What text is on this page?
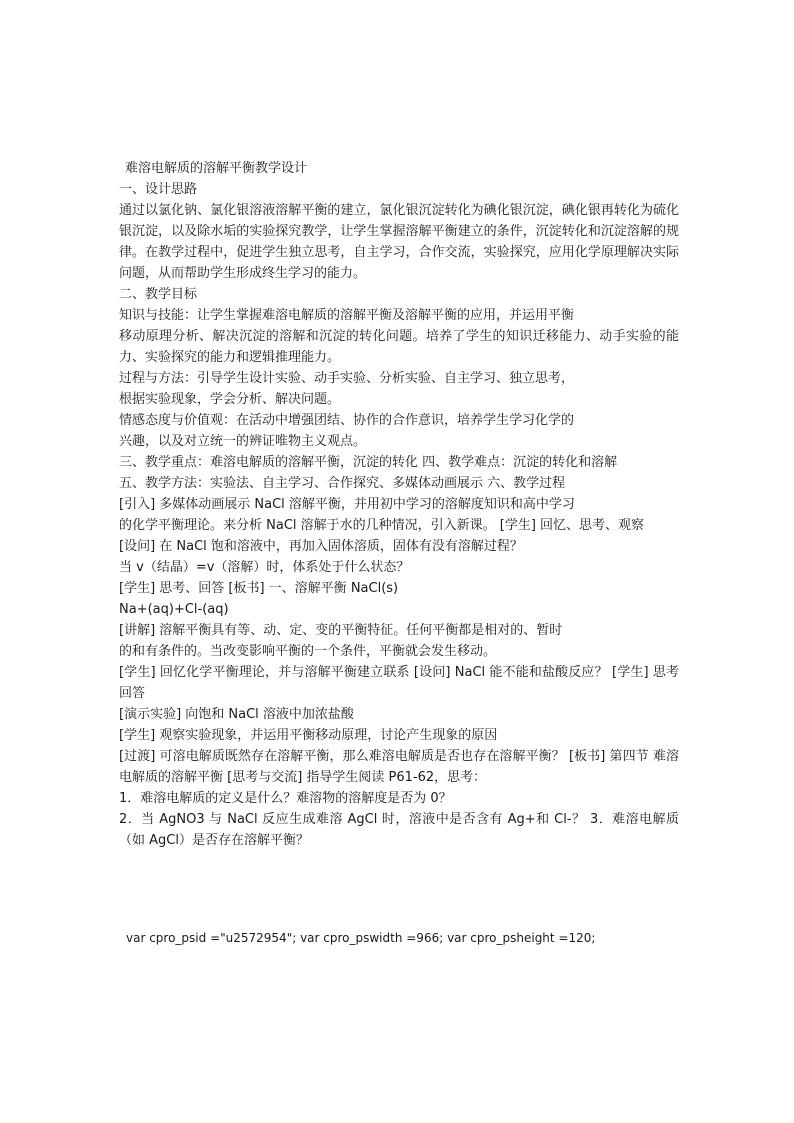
难溶电解质的溶解平衡教学设计
一、设计思路
通过以氯化钠、氯化银溶液溶解平衡的建立，氯化银沉淀转化为碘化银沉淀，碘化银再转化为硫化银沉淀，以及除水垢的实验探究教学，让学生掌握溶解平衡建立的条件，沉淀转化和沉淀溶解的规律。在教学过程中，促进学生独立思考，自主学习，合作交流，实验探究，应用化学原理解决实际问题，从而帮助学生形成终生学习的能力。
二、教学目标
知识与技能：让学生掌握难溶电解质的溶解平衡及溶解平衡的应用，并运用平衡
移动原理分析、解决沉淀的溶解和沉淀的转化问题。培养了学生的知识迁移能力、动手实验的能力、实验探究的能力和逻辑推理能力。
过程与方法：引导学生设计实验、动手实验、分析实验、自主学习、独立思考，
根据实验现象，学会分析、解决问题。
情感态度与价值观：在活动中增强团结、协作的合作意识，培养学生学习化学的
兴趣，以及对立统一的辨证唯物主义观点。
三、教学重点：难溶电解质的溶解平衡，沉淀的转化 四、教学难点：沉淀的转化和溶解
五、教学方法：实验法、自主学习、合作探究、多媒体动画展示 六、教学过程
[引入] 多媒体动画展示 NaCl 溶解平衡，并用初中学习的溶解度知识和高中学习
的化学平衡理论。来分析 NaCl 溶解于水的几种情况，引入新课。 [学生] 回忆、思考、观察
[设问] 在 NaCl 饱和溶液中，再加入固体溶质，固体有没有溶解过程？
当 v（结晶）=v（溶解）时，体系处于什么状态？
[学生] 思考、回答 [板书] 一、溶解平衡 NaCl(s)
Na+(aq)+Cl-(aq)
[讲解] 溶解平衡具有等、动、定、变的平衡特征。任何平衡都是相对的、暂时
的和有条件的。当改变影响平衡的一个条件，平衡就会发生移动。
[学生] 回忆化学平衡理论，并与溶解平衡建立联系 [设问] NaCl 能不能和盐酸反应？ [学生] 思考回答
[演示实验] 向饱和 NaCl 溶液中加浓盐酸
[学生] 观察实验现象，并运用平衡移动原理，讨论产生现象的原因
[过渡] 可溶电解质既然存在溶解平衡，那么难溶电解质是否也存在溶解平衡？ [板书] 第四节 难溶电解质的溶解平衡 [思考与交流] 指导学生阅读 P61-62，思考：
1．难溶电解质的定义是什么？难溶物的溶解度是否为 0？
2．当 AgNO3 与 NaCl 反应生成难溶 AgCl 时，溶液中是否含有 Ag+和 Cl-？ 3．难溶电解质（如 AgCl）是否存在溶解平衡？
var cpro_psid ="u2572954"; var cpro_pswidth =966; var cpro_psheight =120;
